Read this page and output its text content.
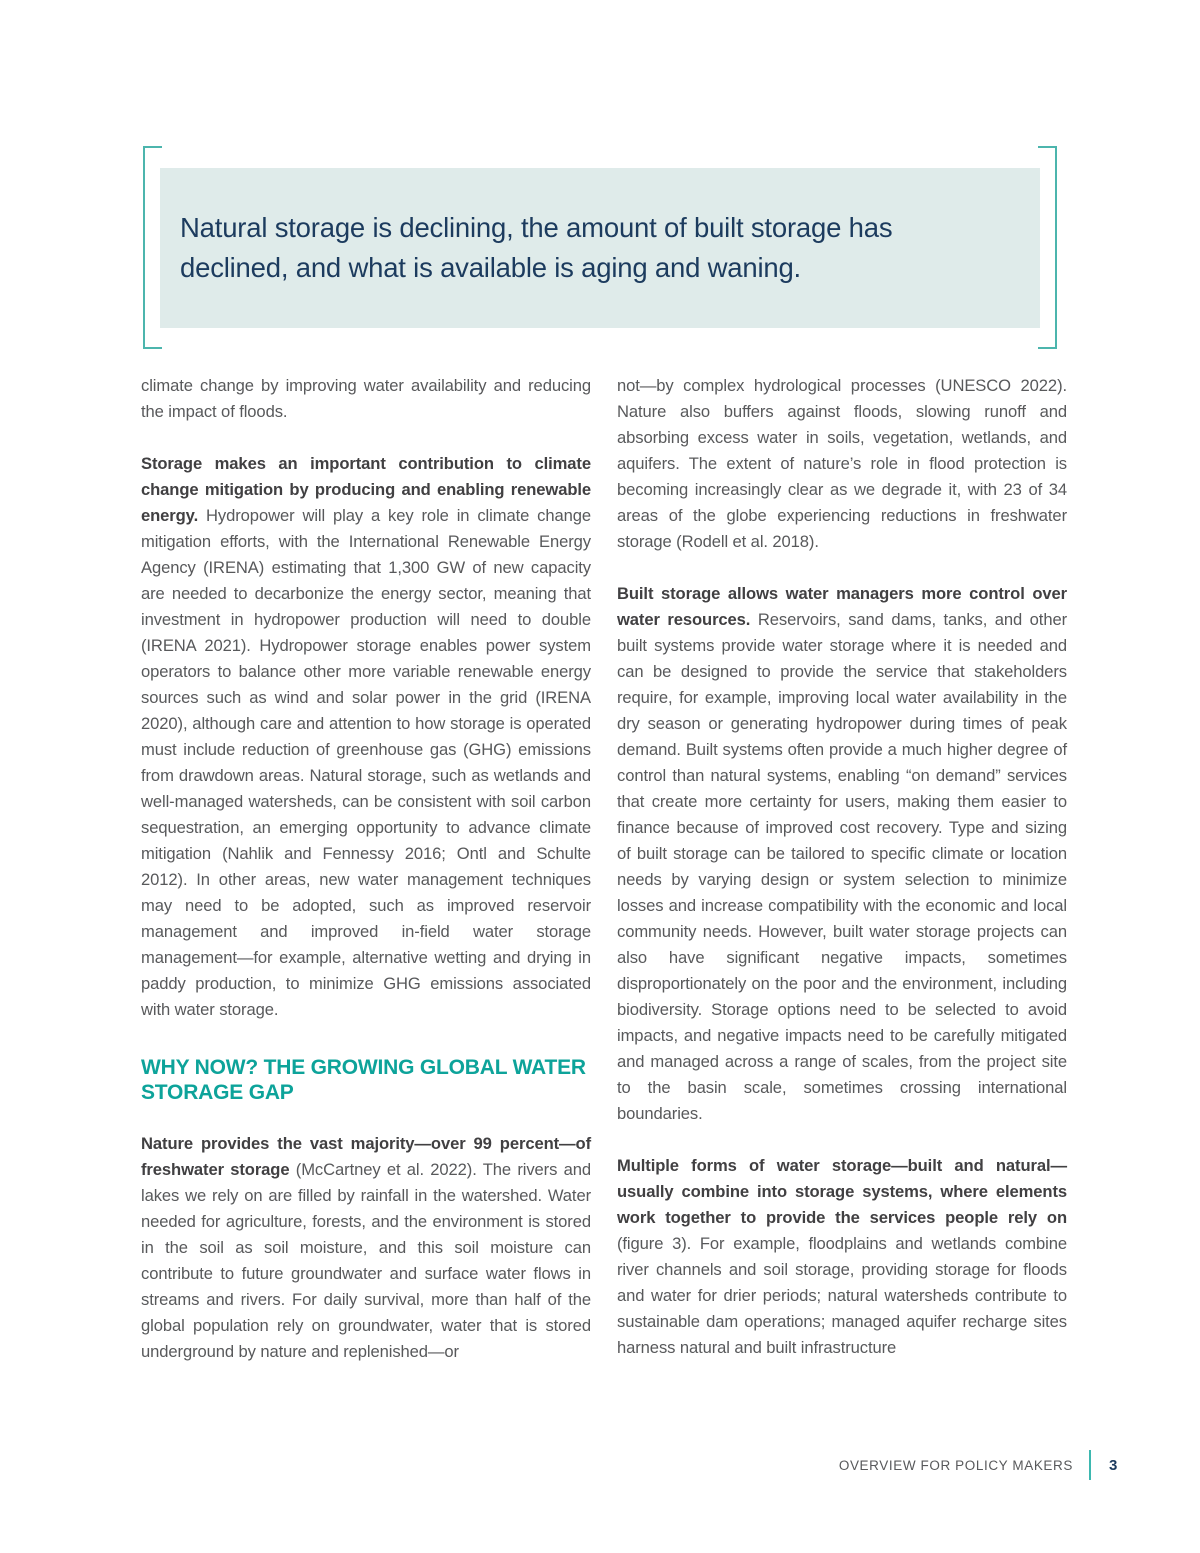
Natural storage is declining, the amount of built storage has declined, and what is available is aging and waning.

climate change by improving water availability and reducing the impact of floods.

Storage makes an important contribution to climate change mitigation by producing and enabling renewable energy. Hydropower will play a key role in climate change mitigation efforts, with the International Renewable Energy Agency (IRENA) estimating that 1,300 GW of new capacity are needed to decarbonize the energy sector, meaning that investment in hydropower production will need to double (IRENA 2021). Hydropower storage enables power system operators to balance other more variable renewable energy sources such as wind and solar power in the grid (IRENA 2020), although care and attention to how storage is operated must include reduction of greenhouse gas (GHG) emissions from drawdown areas. Natural storage, such as wetlands and well-managed watersheds, can be consistent with soil carbon sequestration, an emerging opportunity to advance climate mitigation (Nahlik and Fennessy 2016; Ontl and Schulte 2012). In other areas, new water management techniques may need to be adopted, such as improved reservoir management and improved in-field water storage management—for example, alternative wetting and drying in paddy production, to minimize GHG emissions associated with water storage.

WHY NOW? THE GROWING GLOBAL WATER STORAGE GAP

Nature provides the vast majority—over 99 percent—of freshwater storage (McCartney et al. 2022). The rivers and lakes we rely on are filled by rainfall in the watershed. Water needed for agriculture, forests, and the environment is stored in the soil as soil moisture, and this soil moisture can contribute to future groundwater and surface water flows in streams and rivers. For daily survival, more than half of the global population rely on groundwater, water that is stored underground by nature and replenished—or

not—by complex hydrological processes (UNESCO 2022). Nature also buffers against floods, slowing runoff and absorbing excess water in soils, vegetation, wetlands, and aquifers. The extent of nature’s role in flood protection is becoming increasingly clear as we degrade it, with 23 of 34 areas of the globe experiencing reductions in freshwater storage (Rodell et al. 2018).

Built storage allows water managers more control over water resources. Reservoirs, sand dams, tanks, and other built systems provide water storage where it is needed and can be designed to provide the service that stakeholders require, for example, improving local water availability in the dry season or generating hydropower during times of peak demand. Built systems often provide a much higher degree of control than natural systems, enabling “on demand” services that create more certainty for users, making them easier to finance because of improved cost recovery. Type and sizing of built storage can be tailored to specific climate or location needs by varying design or system selection to minimize losses and increase compatibility with the economic and local community needs. However, built water storage projects can also have significant negative impacts, sometimes disproportionately on the poor and the environment, including biodiversity. Storage options need to be selected to avoid impacts, and negative impacts need to be carefully mitigated and managed across a range of scales, from the project site to the basin scale, sometimes crossing international boundaries.

Multiple forms of water storage—built and natural—usually combine into storage systems, where elements work together to provide the services people rely on (figure 3). For example, floodplains and wetlands combine river channels and soil storage, providing storage for floods and water for drier periods; natural watersheds contribute to sustainable dam operations; managed aquifer recharge sites harness natural and built infrastructure

OVERVIEW FOR POLICY MAKERS 3
